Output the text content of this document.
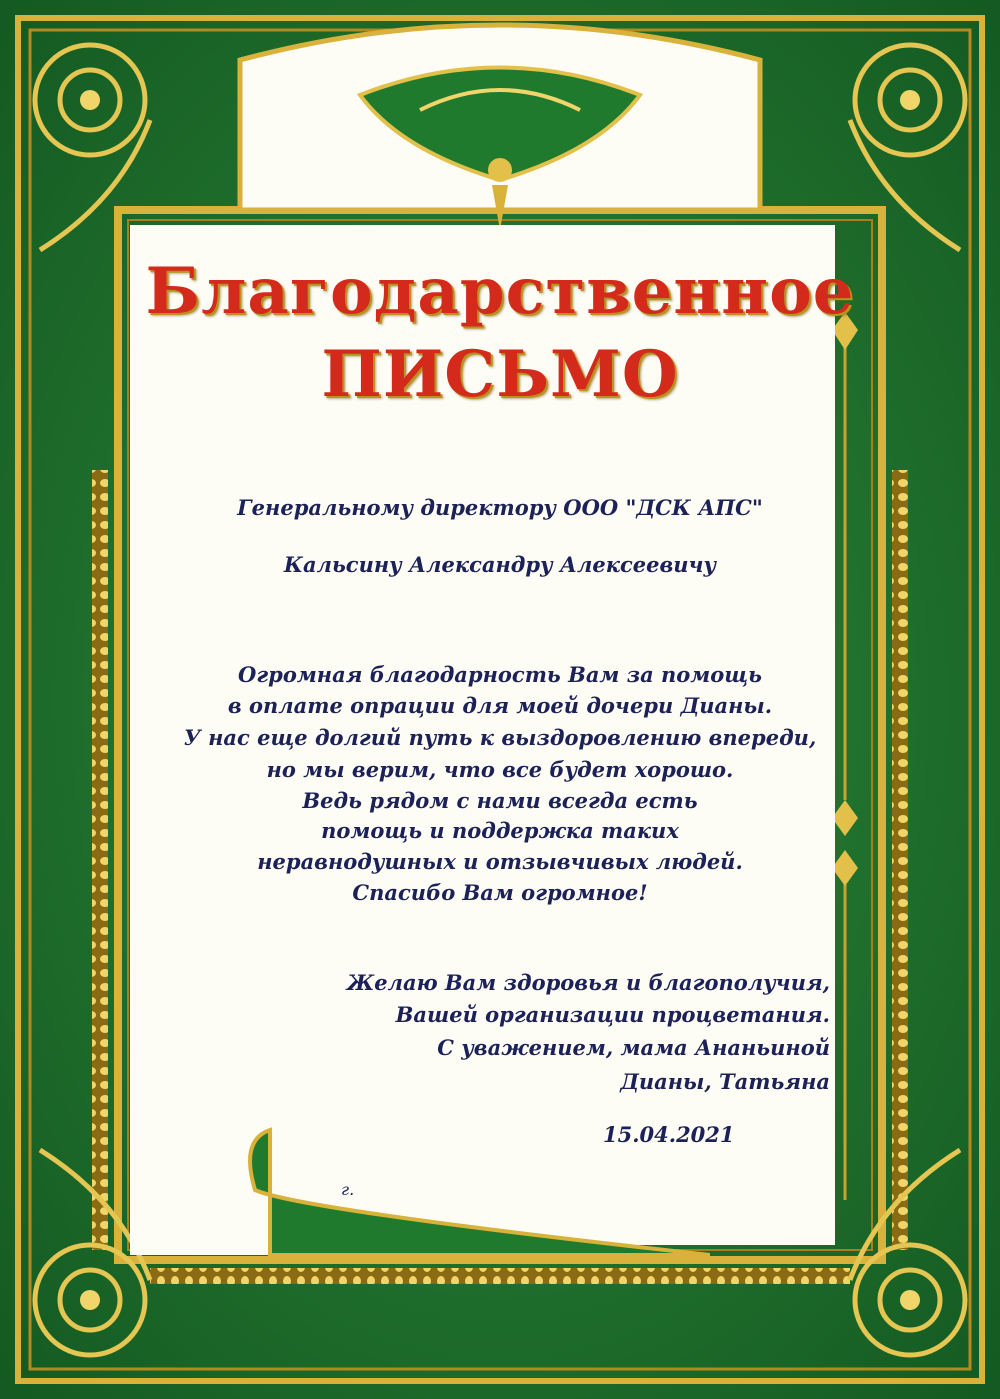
Благодарственное
ПИСЬМО

Генеральному директору ООО "ДСК АПС"

Кальсину Александру Алексеевичу

Огромная благодарность Вам за помощь

в оплате опрации для моей дочери Дианы.

У нас еще долгий путь к выздоровлению впереди,

но мы верим, что все будет хорошо.

Ведь рядом с нами всегда есть

помощь и поддержка таких

неравнодушных и отзывчивых людей.

Спасибо Вам огромное!

Желаю Вам здоровья и благополучия,

Вашей организации процветания.

С уважением, мама Ананьиной

Дианы, Татьяна

15.04.2021

г.
